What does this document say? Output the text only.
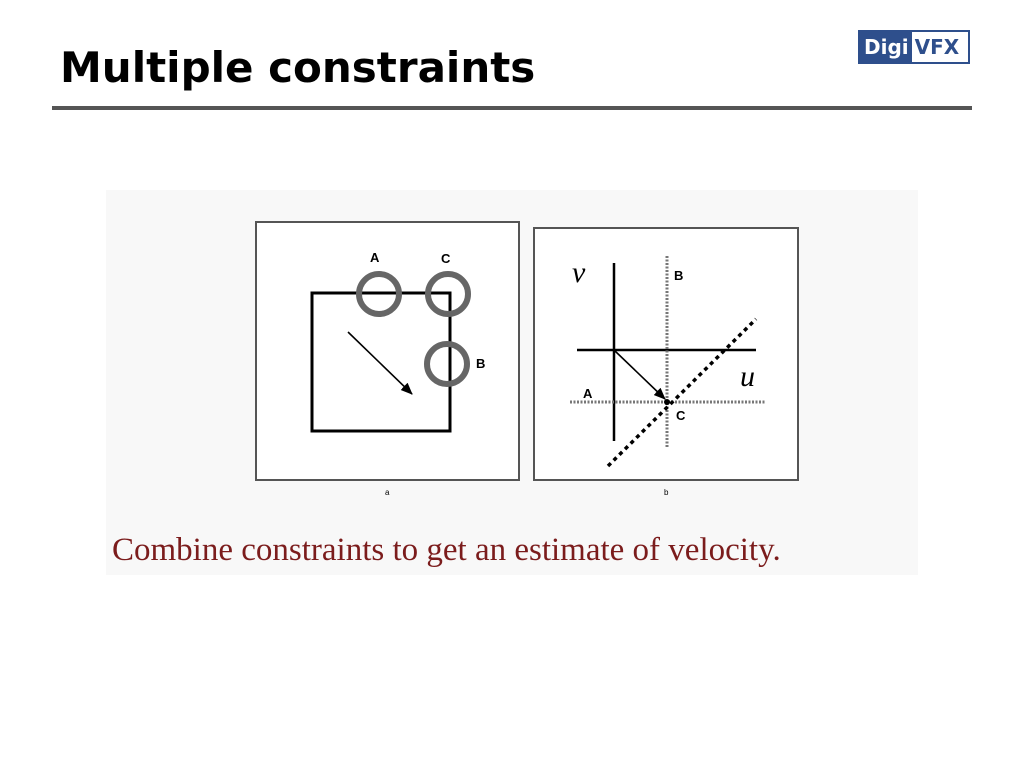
Multiple constraints	Digi VFX
A	C
B
a
v
u
B
A
C
b

Combine constraints to get an estimate of velocity.
